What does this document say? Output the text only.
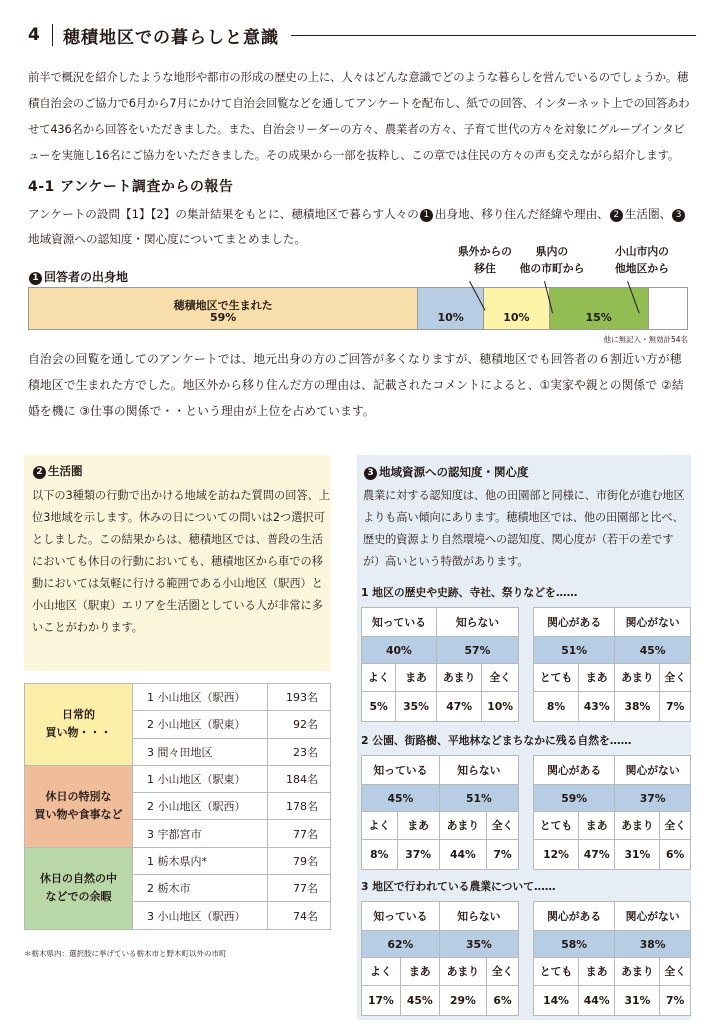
4	穂積地区での暮らしと意識

前半で概況を紹介したような地形や都市の形成の歴史の上に、人々はどんな意識でどのような暮らしを営んでいるのでしょうか。穂積自治会のご協力で6月から7月にかけて自治会回覧などを通してアンケートを配布し、紙での回答、インターネット上での回答あわせて436名から回答をいただきました。また、自治会リーダーの方々、農業者の方々、子育て世代の方々を対象にグループインタビューを実施し16名にご協力をいただきました。その成果から一部を抜粋し、この章では住民の方々の声も交えながら紹介します。

4-1 アンケート調査からの報告

アンケートの設問【1】【2】の集計結果をもとに、穂積地区で暮らす人々の 1 出身地、移り住んだ経緯や理由、 2 生活圏、 3地域資源への認知度・関心度についてまとめました。

1 回答者の出身地
県外からの
移住
県内の
他の市町から
小山市内の
他地区から
穂積地区で生まれた
59%	10%	10%	15%
他に無記入・無効計54名

自治会の回覧を通してのアンケートでは、地元出身の方のご回答が多くなりますが、穂積地区でも回答者の６割近い方が穂積地区で生まれた方でした。地区外から移り住んだ方の理由は、記載されたコメントによると、①実家や親との関係で ②結婚を機に ③仕事の関係で・・という理由が上位を占めています。

2 生活圏

以下の3種類の行動で出かける地域を訪ねた質問の回答、上位3地域を示します。休みの日についての問いは2つ選択可としました。この結果からは、穂積地区では、普段の生活においても休日の行動においても、穂積地区から車での移動においては気軽に行ける範囲である小山地区（駅西）と小山地区（駅東）エリアを生活圏としている人が非常に多いことがわかります。

日常的
買い物・・・	1 小山地区（駅西）	193名
	2 小山地区（駅東）	92名
	3 間々田地区	23名
休日の特別な
買い物や食事など	1 小山地区（駅東）	184名
	2 小山地区（駅西）	178名
	3 宇都宮市	77名
休日の自然の中
などでの余暇	1 栃木県内*	79名
	2 栃木市	77名
	3 小山地区（駅西）	74名
＊栃木県内：選択肢に挙げている栃木市と野木町以外の市町
3 地域資源への認知度・関心度

農業に対する認知度は、他の田園部と同様に、市街化が進む地区よりも高い傾向にあります。穂積地区では、他の田園部と比べ、歴史的資源より自然環境への認知度、関心度が（若干の差ですが）高いという特徴があります。

1 地区の歴史や史跡、寺社、祭りなどを……
知っている		知らない	
40%		57%	
よく	まあ	あまり	全く
5%	35%	47%	10%
関心がある		関心がない	
51%		45%	
とても	まあ	あまり	全く
8%	43%	38%	7%
2 公園、街路樹、平地林などまちなかに残る自然を……
知っている		知らない	
45%		51%	
よく	まあ	あまり	全く
8%	37%	44%	7%
関心がある		関心がない	
59%		37%	
とても	まあ	あまり	全く
12%	47%	31%	6%
3 地区で行われている農業について……
知っている		知らない	
62%		35%	
よく	まあ	あまり	全く
17%	45%	29%	6%
関心がある		関心がない	
58%		38%	
とても	まあ	あまり	全く
14%	44%	31%	7%
